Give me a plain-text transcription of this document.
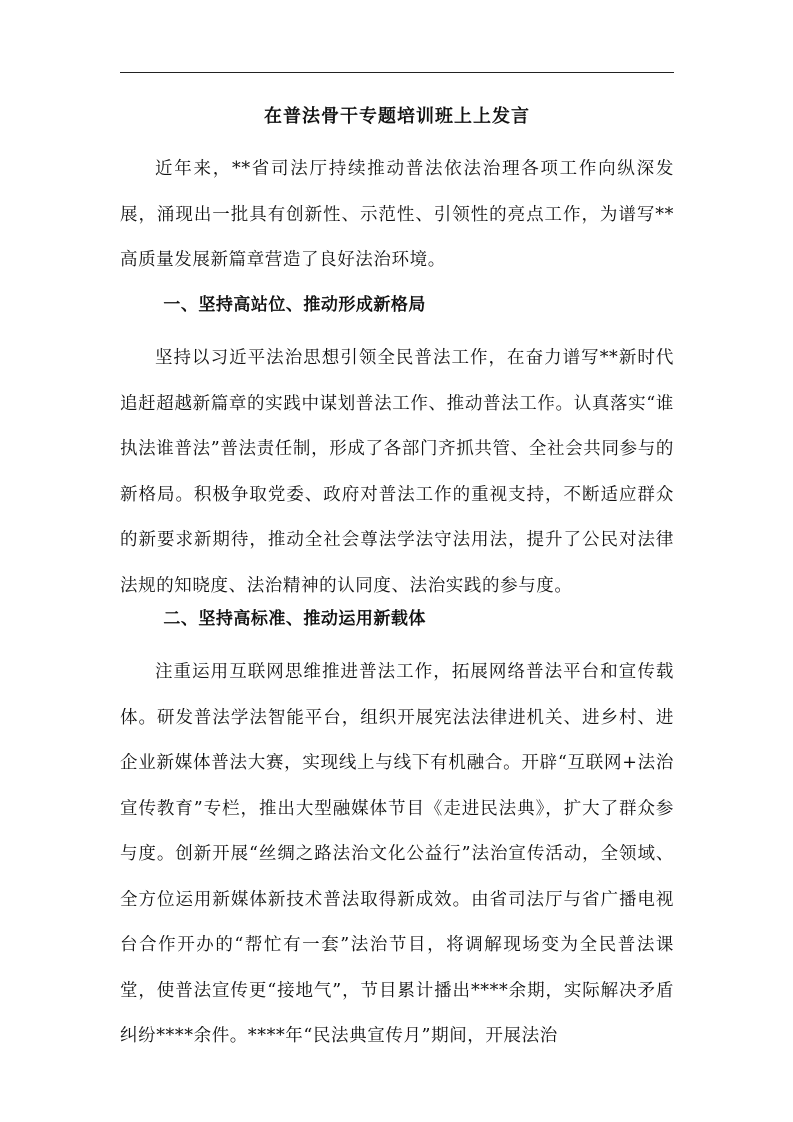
在普法骨干专题培训班上上发言

近年来，**省司法厅持续推动普法依法治理各项工作向纵深发展，涌现出一批具有创新性、示范性、引领性的亮点工作，为谱写**高质量发展新篇章营造了良好法治环境。

一、坚持高站位、推动形成新格局

坚持以习近平法治思想引领全民普法工作，在奋力谱写**新时代追赶超越新篇章的实践中谋划普法工作、推动普法工作。认真落实“谁执法谁普法”普法责任制，形成了各部门齐抓共管、全社会共同参与的新格局。积极争取党委、政府对普法工作的重视支持，不断适应群众的新要求新期待，推动全社会尊法学法守法用法，提升了公民对法律法规的知晓度、法治精神的认同度、法治实践的参与度。

二、坚持高标准、推动运用新载体

注重运用互联网思维推进普法工作，拓展网络普法平台和宣传载体。研发普法学法智能平台，组织开展宪法法律进机关、进乡村、进企业新媒体普法大赛，实现线上与线下有机融合。开辟“互联网+法治宣传教育”专栏，推出大型融媒体节目《走进民法典》，扩大了群众参与度。创新开展“丝绸之路法治文化公益行”法治宣传活动，全领域、全方位运用新媒体新技术普法取得新成效。由省司法厅与省广播电视台合作开办的“帮忙有一套”法治节目，将调解现场变为全民普法课堂，使普法宣传更“接地气”，节目累计播出****余期，实际解决矛盾纠纷****余件。****年“民法典宣传月”期间，开展法治
